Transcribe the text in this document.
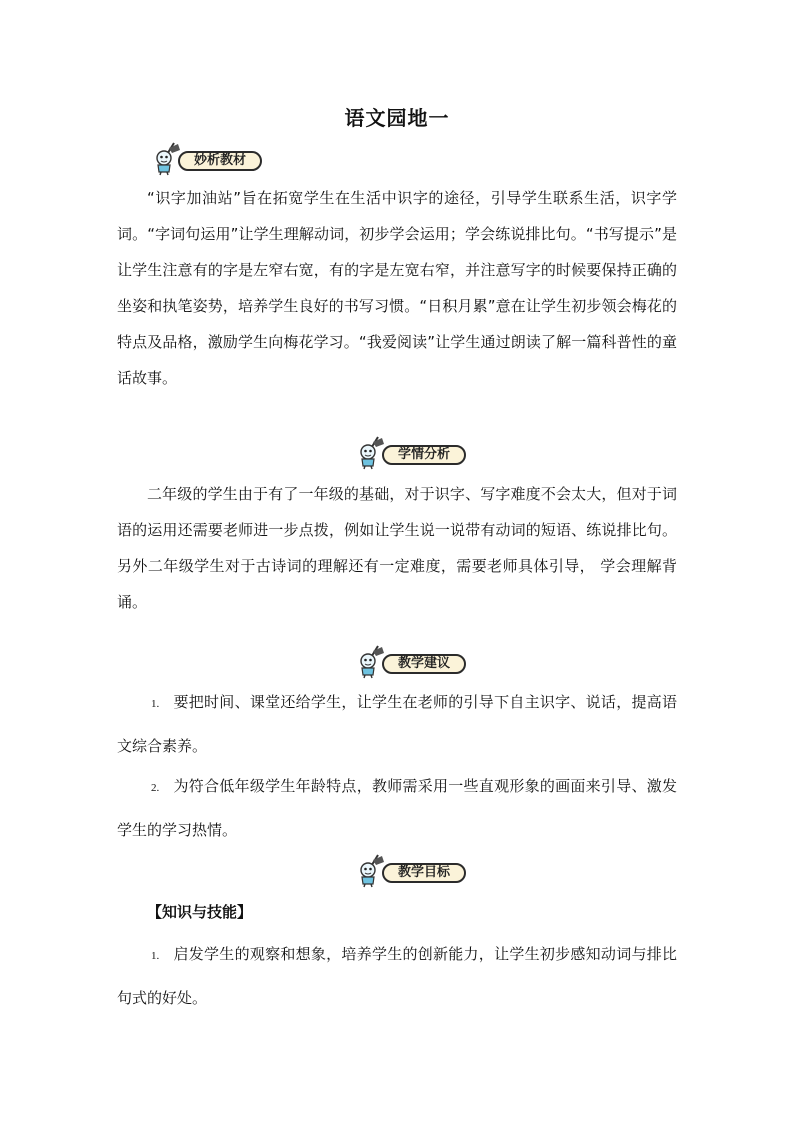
语文园地一
妙析教材

“识字加油站”旨在拓宽学生在生活中识字的途径，引导学生联系生活，识字学词。“字词句运用”让学生理解动词，初步学会运用；学会练说排比句。“书写提示”是让学生注意有的字是左窄右宽，有的字是左宽右窄，并注意写字的时候要保持正确的坐姿和执笔姿势，培养学生良好的书写习惯。“日积月累”意在让学生初步领会梅花的特点及品格，激励学生向梅花学习。“我爱阅读”让学生通过朗读了解一篇科普性的童话故事。

学情分析

二年级的学生由于有了一年级的基础，对于识字、写字难度不会太大，但对于词语的运用还需要老师进一步点拨，例如让学生说一说带有动词的短语、练说排比句。另外二年级学生对于古诗词的理解还有一定难度，需要老师具体引导， 学会理解背诵。

教学建议

1. 要把时间、课堂还给学生，让学生在老师的引导下自主识字、说话，提高语文综合素养。

2. 为符合低年级学生年龄特点，教师需采用一些直观形象的画面来引导、激发学生的学习热情。

教学目标

【知识与技能】

1. 启发学生的观察和想象，培养学生的创新能力，让学生初步感知动词与排比句式的好处。
